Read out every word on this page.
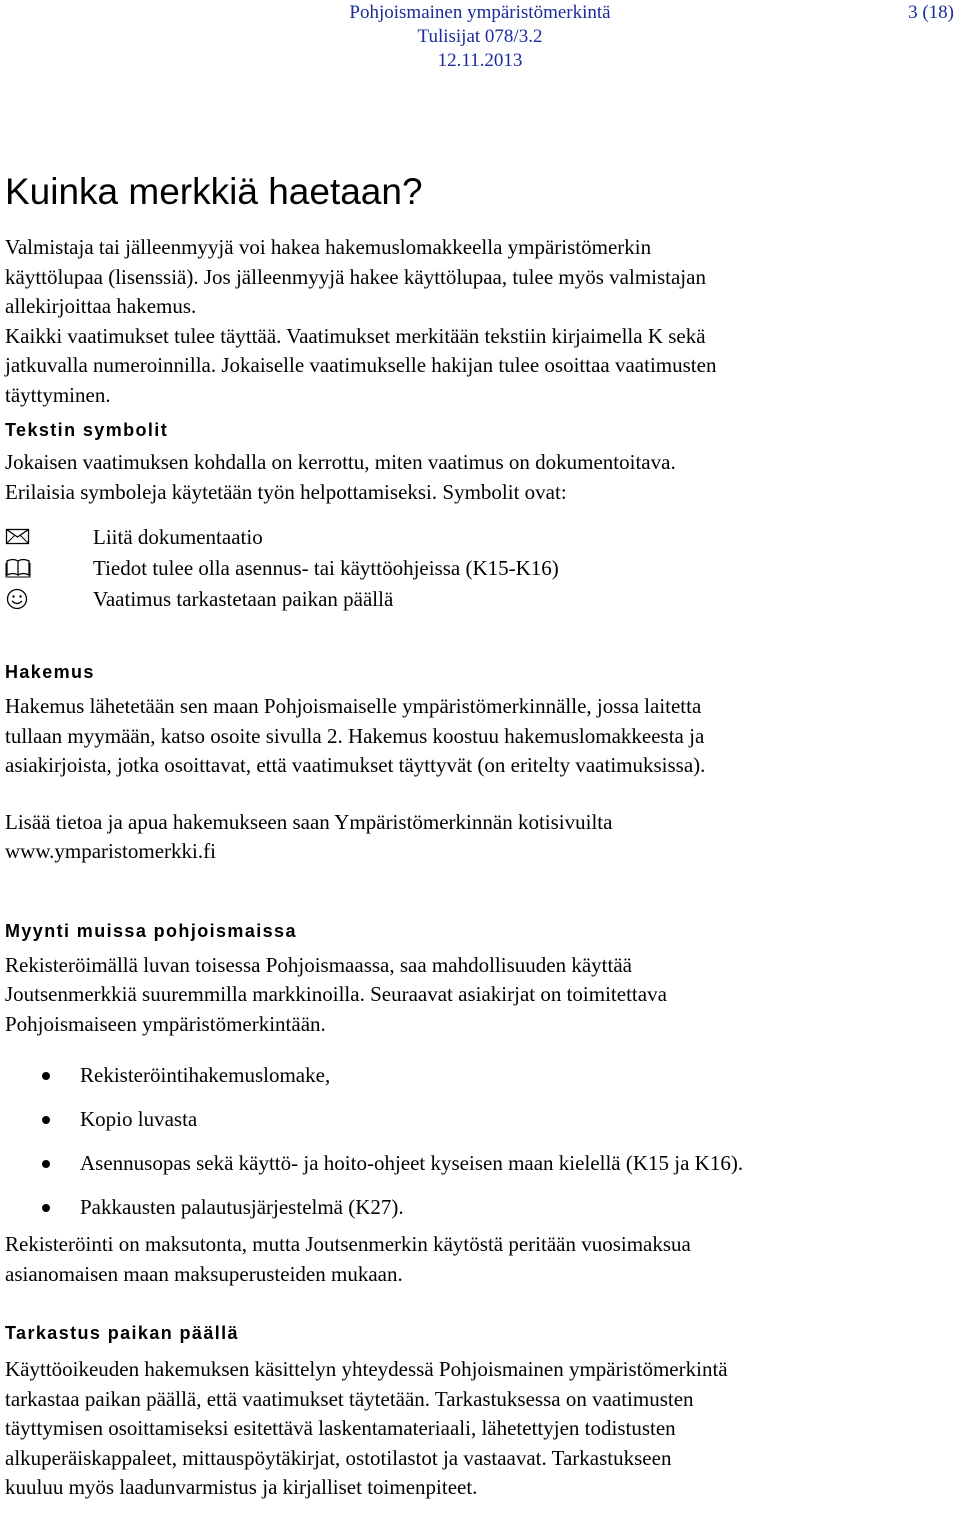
Pohjoismainen ympäristömerkintä
Tulisijat 078/3.2
12.11.2013
3 (18)
Kuinka merkkiä haetaan?

Valmistaja tai jälleenmyyjä voi hakea hakemuslomakkeella ympäristömerkin

käyttölupaa (lisenssiä). Jos jälleenmyyjä hakee käyttölupaa, tulee myös valmistajan

allekirjoittaa hakemus.

Kaikki vaatimukset tulee täyttää. Vaatimukset merkitään tekstiin kirjaimella K sekä

jatkuvalla numeroinnilla. Jokaiselle vaatimukselle hakijan tulee osoittaa vaatimusten

täyttyminen.

Tekstin symbolit

Jokaisen vaatimuksen kohdalla on kerrottu, miten vaatimus on dokumentoitava.

Erilaisia symboleja käytetään työn helpottamiseksi. Symbolit ovat:

Liitä dokumentaatio
Tiedot tulee olla asennus- tai käyttöohjeissa (K15-K16)
Vaatimus tarkastetaan paikan päällä
Hakemus

Hakemus lähetetään sen maan Pohjoismaiselle ympäristömerkinnälle, jossa laitetta

tullaan myymään, katso osoite sivulla 2. Hakemus koostuu hakemuslomakkeesta ja

asiakirjoista, jotka osoittavat, että vaatimukset täyttyvät (on eritelty vaatimuksissa).

Lisää tietoa ja apua hakemukseen saan Ympäristömerkinnän kotisivuilta

www.ymparistomerkki.fi

Myynti muissa pohjoismaissa

Rekisteröimällä luvan toisessa Pohjoismaassa, saa mahdollisuuden käyttää

Joutsenmerkkiä suuremmilla markkinoilla. Seuraavat asiakirjat on toimitettava

Pohjoismaiseen ympäristömerkintään.

Rekisteröintihakemuslomake,
Kopio luvasta
Asennusopas sekä käyttö- ja hoito-ohjeet kyseisen maan kielellä (K15 ja K16).
Pakkausten palautusjärjestelmä (K27).

Rekisteröinti on maksutonta, mutta Joutsenmerkin käytöstä peritään vuosimaksua

asianomaisen maan maksuperusteiden mukaan.

Tarkastus paikan päällä

Käyttöoikeuden hakemuksen käsittelyn yhteydessä Pohjoismainen ympäristömerkintä

tarkastaa paikan päällä, että vaatimukset täytetään. Tarkastuksessa on vaatimusten

täyttymisen osoittamiseksi esitettävä laskentamateriaali, lähetettyjen todistusten

alkuperäiskappaleet, mittauspöytäkirjat, ostotilastot ja vastaavat. Tarkastukseen

kuuluu myös laadunvarmistus ja kirjalliset toimenpiteet.
